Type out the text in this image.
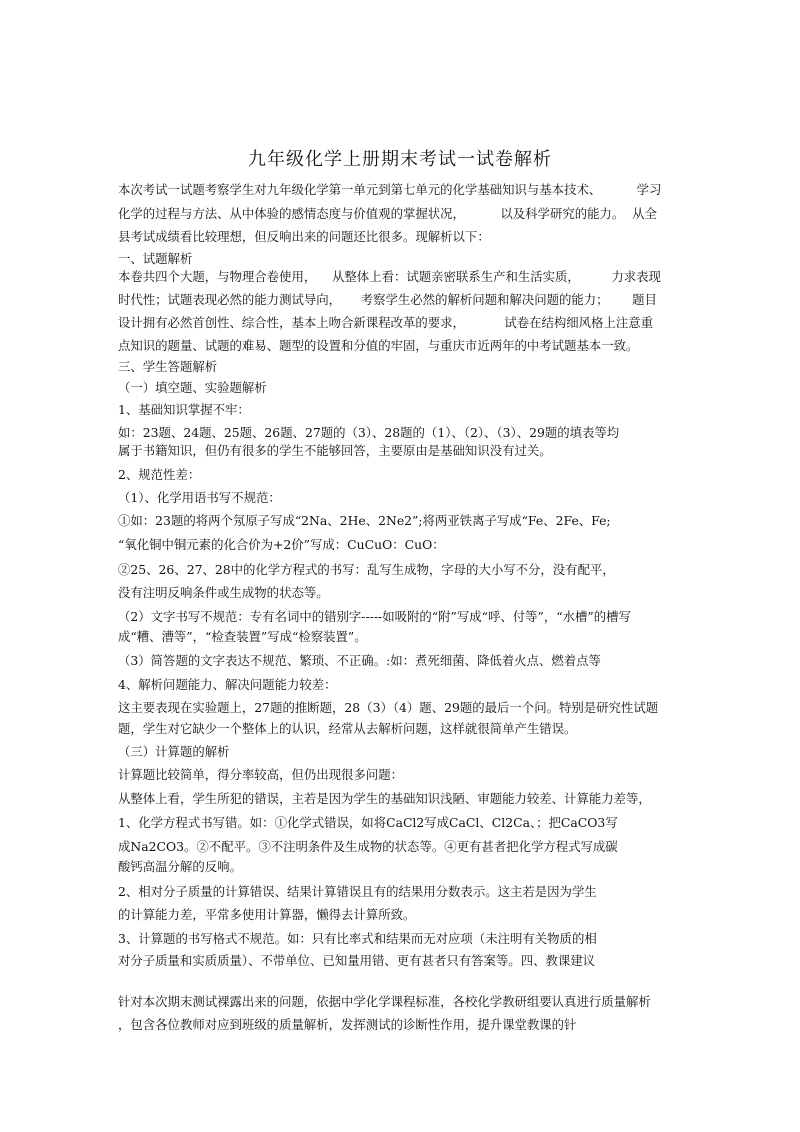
九年级化学上册期末考试一试卷解析
本次考试一试题考察学生对九年级化学第一单元到第七单元的化学基础知识与基本技术、         学习
化学的过程与方法、从中体验的感情态度与价值观的掌握状况，         以及科学研究的能力。  从全
县考试成绩看比较理想，但反响出来的问题还比很多。现解析以下：
一、试题解析
本卷共四个大题，与物理合卷使用，    从整体上看：试题亲密联系生产和生活实质，        力求表现
时代性；试题表现必然的能力测试导向，     考察学生必然的解析问题和解决问题的能力；      题目
设计拥有必然首创性、综合性，基本上吻合新课程改革的要求，          试卷在结构细风格上注意重
点知识的题量、试题的难易、题型的设置和分值的牢固，与重庆市近两年的中考试题基本一致。
三、学生答题解析
（一）填空题、实验题解析
1、基础知识掌握不牢：
如：23题、24题、25题、26题、27题的（3）、28题的（1）、（2）、（3）、29题的填表等均
属于书籍知识，但仍有很多的学生不能够回答，主要原由是基础知识没有过关。
2、规范性差：
（1）、化学用语书写不规范：
①如：23题的将两个氖原子写成“2Na、2He、2Ne2”;将两亚铁离子写成“Fe、2Fe、Fe;
“氧化铜中铜元素的化合价为+2价”写成：CuCuO：CuO：
②25、26、27、28中的化学方程式的书写：乱写生成物，字母的大小写不分，没有配平，
没有注明反响条件或生成物的状态等。
（2）文字书写不规范：专有名词中的错别字-----如吸附的“附”写成“呼、付等”，“水槽”的槽写
成“糟、漕等”，“检查装置”写成“检察装置”。
（3）简答题的文字表达不规范、繁琐、不正确。:如：煮死细菌、降低着火点、燃着点等
4、解析问题能力、解决问题能力较差：
这主要表现在实验题上，27题的推断题，28（3）（4）题、29题的最后一个问。特别是研究性试题
题，学生对它缺少一个整体上的认识，经常从去解析问题，这样就很简单产生错误。
（三）计算题的解析
计算题比较简单，得分率较高，但仍出现很多问题：
从整体上看，学生所犯的错误，主若是因为学生的基础知识浅陋、审题能力较差、计算能力差等，
1、化学方程式书写错。如：①化学式错误，如将CaCl2写成CaCl、Cl2Ca、；把CaCO3写
成Na2CO3。②不配平。③不注明条件及生成物的状态等。④更有甚者把化学方程式写成碳
酸钙高温分解的反响。
2、相对分子质量的计算错误、结果计算错误且有的结果用分数表示。这主若是因为学生
的计算能力差，平常多使用计算器，懒得去计算所致。
3、计算题的书写格式不规范。如：只有比率式和结果而无对应项（未注明有关物质的相
对分子质量和实质质量）、不带单位、已知量用错、更有甚者只有答案等。四、教课建议
针对本次期末测试裸露出来的问题，依据中学化学课程标准，各校化学教研组要认真进行质量解析
，包含各位教师对应到班级的质量解析，发挥测试的诊断性作用，提升课堂教课的针
